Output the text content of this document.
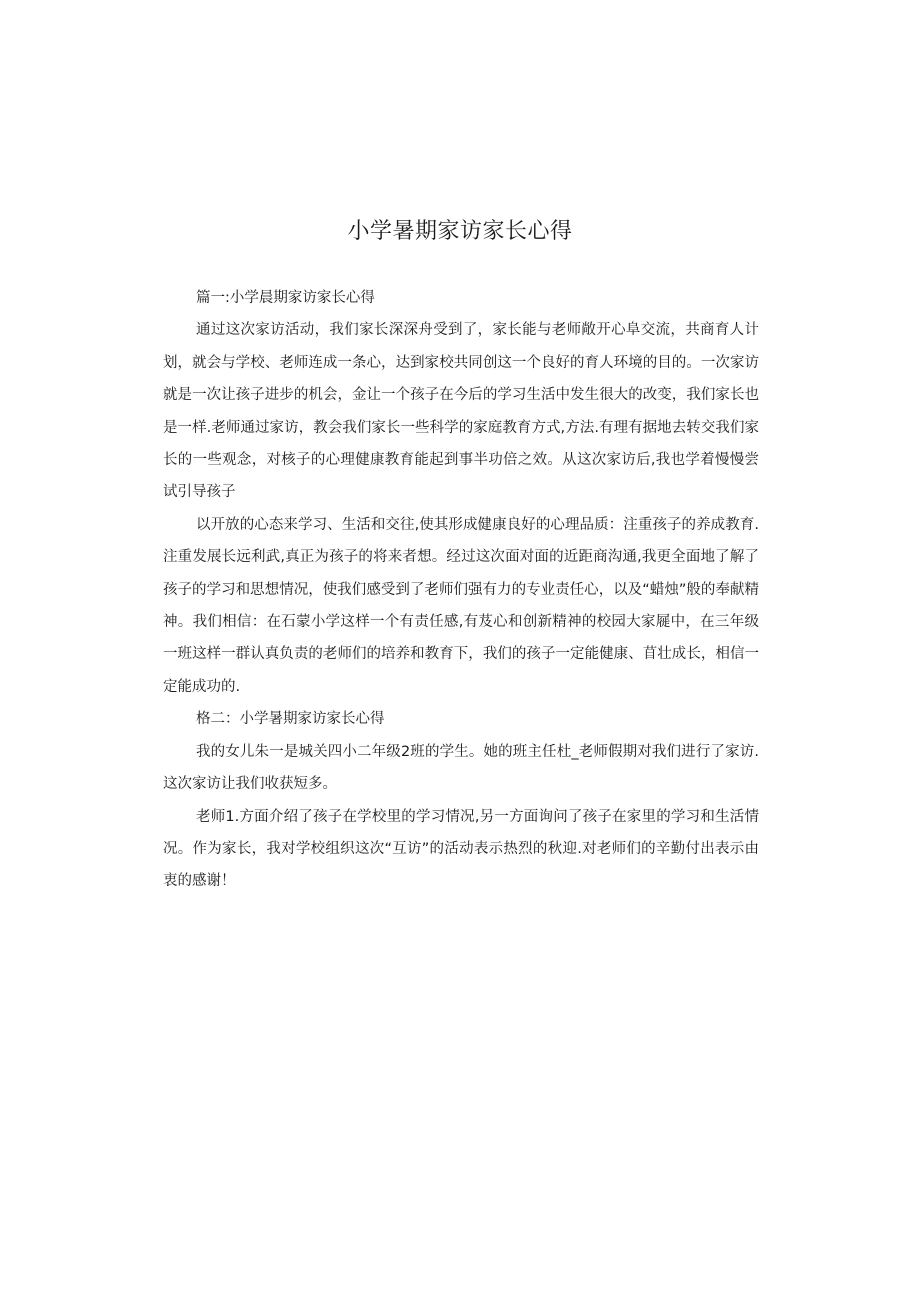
小学暑期家访家长心得

篇一:小学晨期家访家长心得

通过这次家访活动，我们家长深深舟受到了，家长能与老师敞开心阜交流，共商育人计划，就会与学校、老师连成一条心，达到家校共同创这一个良好的育人环境的目的。一次家访就是一次让孩子进步的机会，金让一个孩子在今后的学习生活中发生很大的改变，我们家长也是一样.老师通过家访，教会我们家长一些科学的家庭教育方式,方法.有理有据地去转交我们家长的一些观念，对核子的心理健康教育能起到事半功倍之效。从这次家访后,我也学着慢慢尝试引导孩子

以开放的心态来学习、生活和交往,使其形成健康良好的心理品质：注重孩子的养成教育.注重发展长远利武,真正为孩子的将来者想。经过这次面对面的近距商沟通,我更全面地了解了孩子的学习和思想情况，使我们感受到了老师们强有力的专业责任心，以及“蜡烛”般的奉献精神。我们相信：在石蒙小学这样一个有责任感,有芨心和创新精神的校园大家屣中，在三年级一班这样一群认真负责的老师们的培养和教育下，我们的孩子一定能健康、苜壮成长，相信一定能成功的.

格二：小学暑期家访家长心得

我的女儿朱一是城关四小二年级2班的学生。她的班主任杜_老师假期对我们进行了家访.这次家访让我们收获短多。

老师1.方面介绍了孩子在学校里的学习情况,另一方面询问了孩子在家里的学习和生活情况。作为家长，我对学校组织这次“互访”的活动表示热烈的秋迎.对老师们的辛勤付出表示由衷的感谢！
